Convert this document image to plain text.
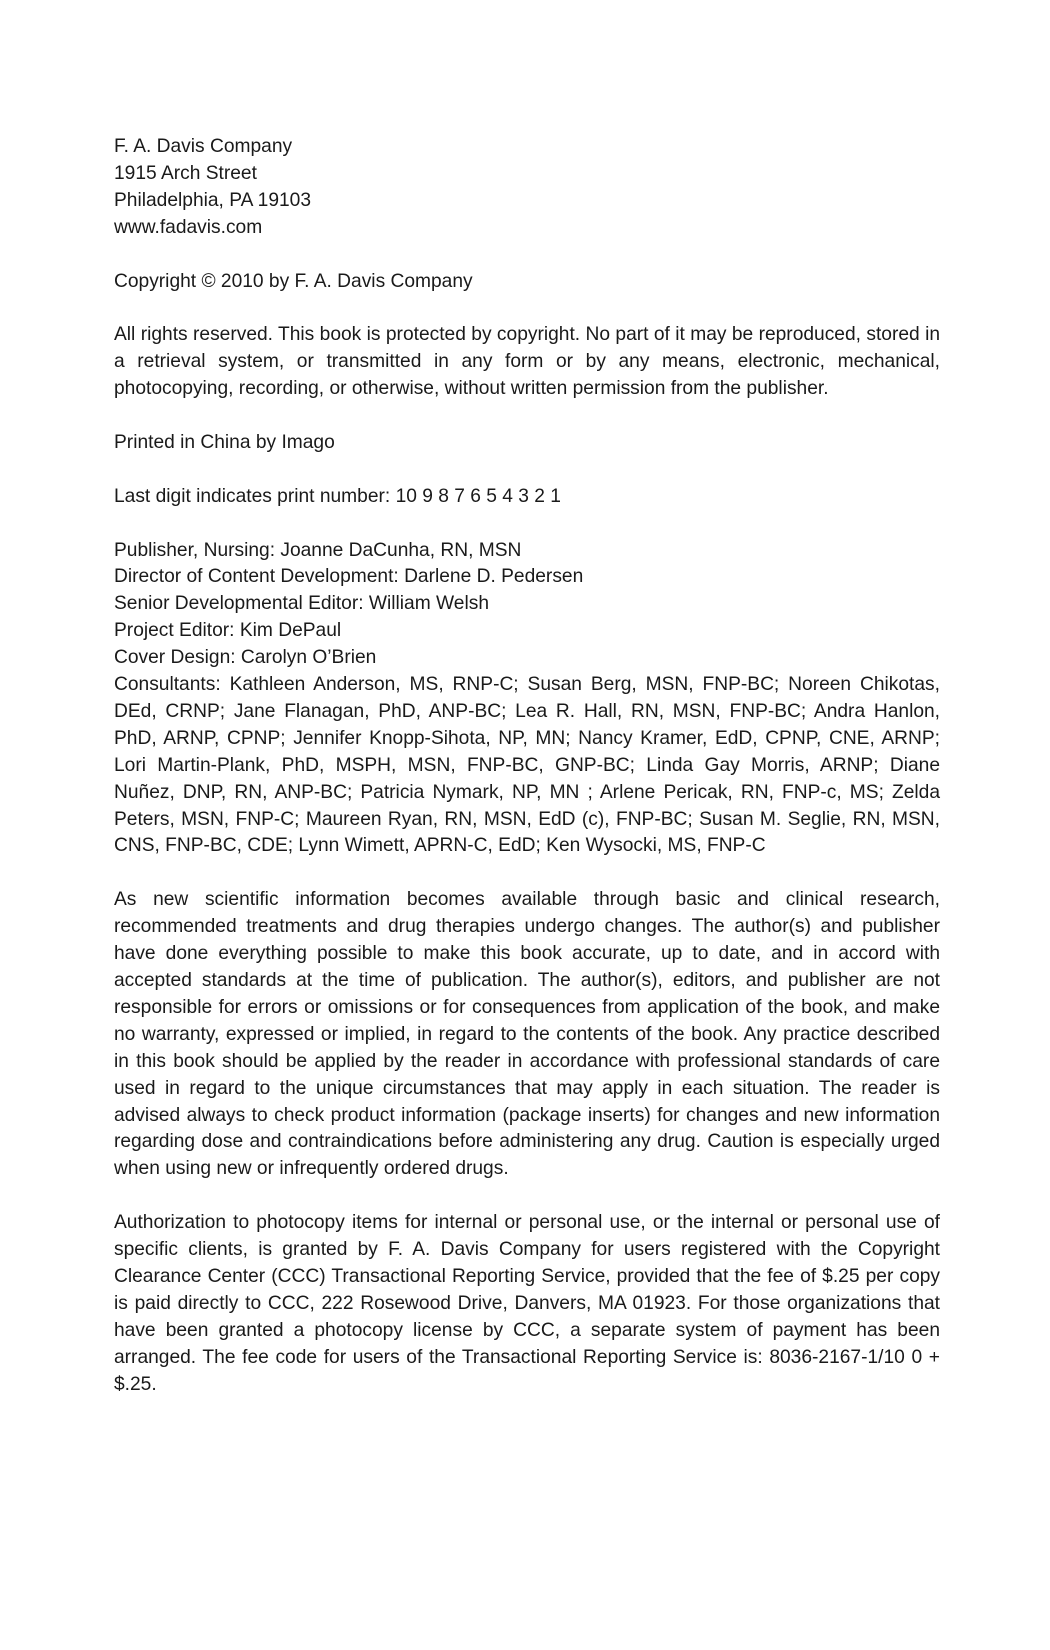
F. A. Davis Company
1915 Arch Street
Philadelphia, PA 19103
www.fadavis.com

Copyright © 2010 by F. A. Davis Company

All rights reserved. This book is protected by copyright. No part of it may be reproduced, stored in a retrieval system, or transmitted in any form or by any means, electronic, mechanical, photocopying, recording, or otherwise, without written permission from the publisher.

Printed in China by Imago

Last digit indicates print number: 10 9 8 7 6 5 4 3 2 1

Publisher, Nursing: Joanne DaCunha, RN, MSN
Director of Content Development: Darlene D. Pedersen
Senior Developmental Editor: William Welsh
Project Editor: Kim DePaul
Cover Design: Carolyn O’Brien

Consultants: Kathleen Anderson, MS, RNP-C; Susan Berg, MSN, FNP-BC; Noreen Chikotas, DEd, CRNP; Jane Flanagan, PhD, ANP-BC; Lea R. Hall, RN, MSN, FNP-BC; Andra Hanlon, PhD, ARNP, CPNP; Jennifer Knopp-Sihota, NP, MN; Nancy Kramer, EdD, CPNP, CNE, ARNP; Lori Martin-Plank, PhD, MSPH, MSN, FNP-BC, GNP-BC; Linda Gay Morris, ARNP; Diane Nuñez, DNP, RN, ANP-BC; Patricia Nymark, NP, MN ; Arlene Pericak, RN, FNP-c, MS; Zelda Peters, MSN, FNP-C; Maureen Ryan, RN, MSN, EdD (c), FNP-BC; Susan M. Seglie, RN, MSN, CNS, FNP-BC, CDE; Lynn Wimett, APRN-C, EdD; Ken Wysocki, MS, FNP-C

As new scientific information becomes available through basic and clinical research, recommended treatments and drug therapies undergo changes. The author(s) and publisher have done everything possible to make this book accurate, up to date, and in accord with accepted standards at the time of publication. The author(s), editors, and publisher are not responsible for errors or omissions or for consequences from application of the book, and make no warranty, expressed or implied, in regard to the contents of the book. Any practice described in this book should be applied by the reader in accordance with professional standards of care used in regard to the unique circumstances that may apply in each situation. The reader is advised always to check product information (package inserts) for changes and new information regarding dose and contraindications before administering any drug. Caution is especially urged when using new or infrequently ordered drugs.

Authorization to photocopy items for internal or personal use, or the internal or personal use of specific clients, is granted by F. A. Davis Company for users registered with the Copyright Clearance Center (CCC) Transactional Reporting Service, provided that the fee of $.25 per copy is paid directly to CCC, 222 Rosewood Drive, Danvers, MA 01923. For those organizations that have been granted a photocopy license by CCC, a separate system of payment has been arranged. The fee code for users of the Transactional Reporting Service is: 8036-2167-1/10 0 + $.25.
